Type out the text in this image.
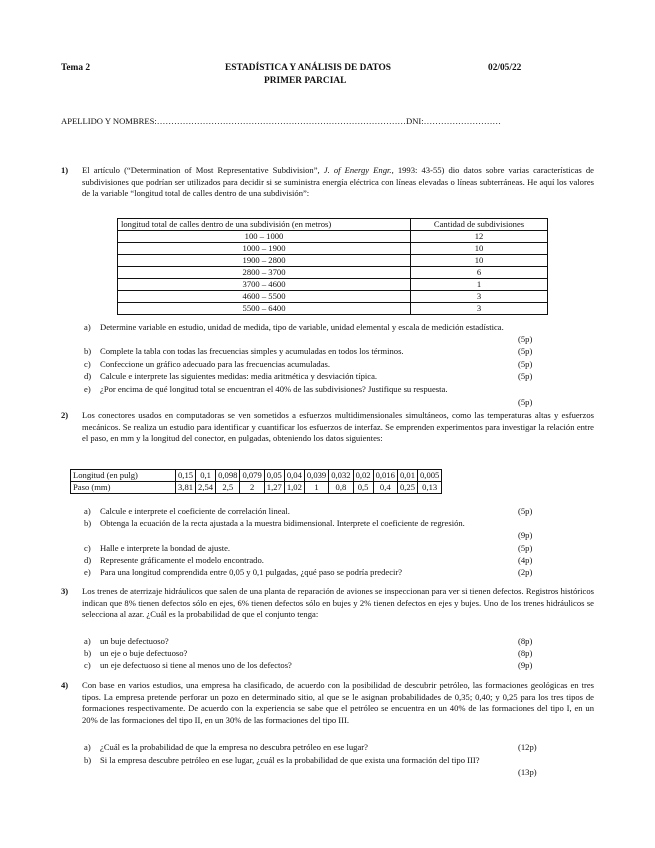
Tema 2	ESTADÍSTICA Y ANÁLISIS DE DATOS
PRIMER PARCIAL
02/05/22
APELLIDO Y NOMBRES:……………………………………………………………………………DNI:………………………
1) El artículo (“Determination of Most Representative Subdivision”, J. of Energy Engr., 1993: 43-55) dio datos sobre varias características de subdivisiones que podrían ser utilizados para decidir si se suministra energía eléctrica con líneas elevadas o líneas subterráneas. He aquí los valores de la variable “longitud total de calles dentro de una subdivisión”:
longitud total de calles dentro de una subdivisión (en metros)	Cantidad de subdivisiones
100 – 1000	12
1000 – 1900	10
1900 – 2800	10
2800 – 3700	6
3700 – 4600	1
4600 – 5500	3
5500 – 6400	3
a) Determine variable en estudio, unidad de medida, tipo de variable, unidad elemental y escala de medición estadística.
(5p)
b) Complete la tabla con todas las frecuencias simples y acumuladas en todos los términos.	(5p)
c) Confeccione un gráfico adecuado para las frecuencias acumuladas.	(5p)
d) Calcule e interprete las siguientes medidas: media aritmética y desviación típica.	(5p)
e) ¿Por encima de qué longitud total se encuentran el 40% de las subdivisiones? Justifique su respuesta.
(5p)
2) Los conectores usados en computadoras se ven sometidos a esfuerzos multidimensionales simultáneos, como las temperaturas altas y esfuerzos mecánicos. Se realiza un estudio para identificar y cuantificar los esfuerzos de interfaz. Se emprenden experimentos para investigar la relación entre el paso, en mm y la longitud del conector, en pulgadas, obteniendo los datos siguientes:
Longitud (en pulg)	0,15	0,1	0,098	0,079	0,05	0,04	0,039	0,032	0,02	0,016	0,01	0,005
Paso (mm)	3,81	2,54	2,5	2	1,27	1,02	1	0,8	0,5	0,4	0,25	0,13
a) Calcule e interprete el coeficiente de correlación lineal.	(5p)
b) Obtenga la ecuación de la recta ajustada a la muestra bidimensional. Interprete el coeficiente de regresión.
(9p)
c) Halle e interprete la bondad de ajuste.	(5p)
d) Represente gráficamente el modelo encontrado.	(4p)
e) Para una longitud comprendida entre 0,05 y 0,1 pulgadas, ¿qué paso se podría predecir?	(2p)
3) Los trenes de aterrizaje hidráulicos que salen de una planta de reparación de aviones se inspeccionan para ver si tienen defectos. Registros históricos indican que 8% tienen defectos sólo en ejes, 6% tienen defectos sólo en bujes y 2% tienen defectos en ejes y bujes. Uno de los trenes hidráulicos se selecciona al azar. ¿Cuál es la probabilidad de que el conjunto tenga:
a) un buje defectuoso?	(8p)
b) un eje o buje defectuoso?	(8p)
c) un eje defectuoso si tiene al menos uno de los defectos?	(9p)
4) Con base en varios estudios, una empresa ha clasificado, de acuerdo con la posibilidad de descubrir petróleo, las formaciones geológicas en tres tipos. La empresa pretende perforar un pozo en determinado sitio, al que se le asignan probabilidades de 0,35; 0,40; y 0,25 para los tres tipos de formaciones respectivamente. De acuerdo con la experiencia se sabe que el petróleo se encuentra en un 40% de las formaciones del tipo I, en un 20% de las formaciones del tipo II, en un 30% de las formaciones del tipo III.
a) ¿Cuál es la probabilidad de que la empresa no descubra petróleo en ese lugar?	(12p)
b) Si la empresa descubre petróleo en ese lugar, ¿cuál es la probabilidad de que exista una formación del tipo III?
(13p)
